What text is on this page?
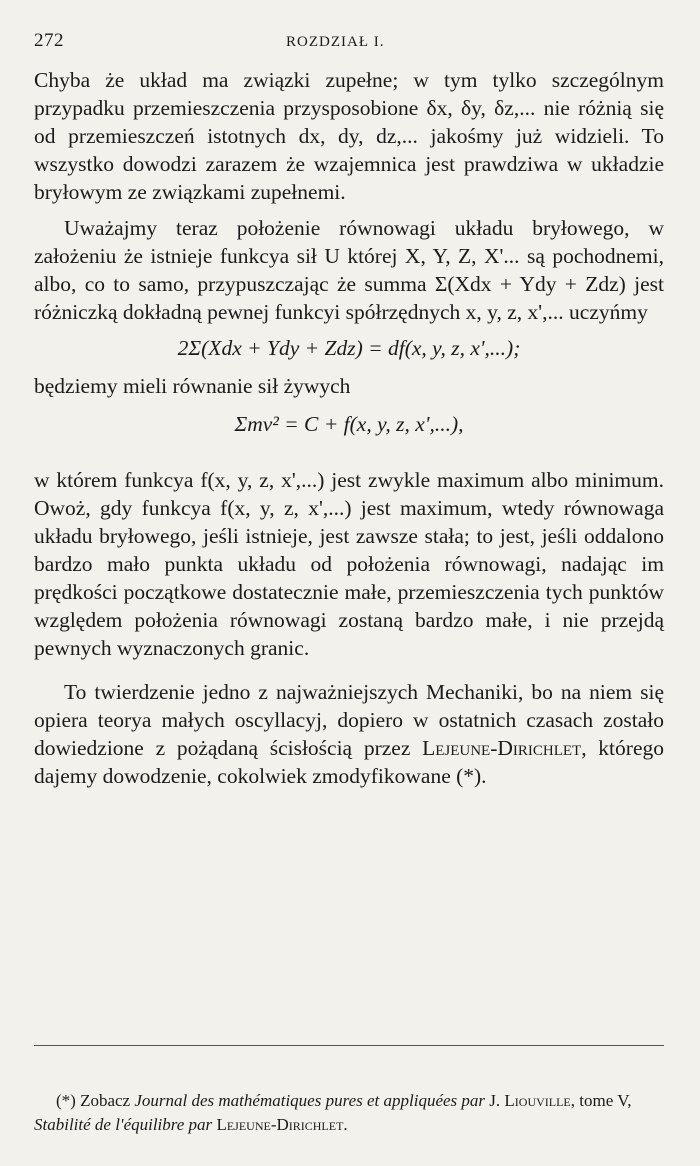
272	ROZDZIAŁ I.

Chyba że układ ma związki zupełne; w tym tylko szczególnym przypadku przemieszczenia przysposobione δx, δy, δz,... nie różnią się od przemieszczeń istotnych dx, dy, dz,... jakośmy już widzieli. To wszystko dowodzi zarazem że wzajemnica jest prawdziwa w układzie bryłowym ze związkami zupełnemi.

Uważajmy teraz położenie równowagi układu bryłowego, w założeniu że istnieje funkcya sił U której X, Y, Z, X'... są pochodnemi, albo, co to samo, przypuszczając że summa Σ(Xdx + Ydy + Zdz) jest różniczką dokładną pewnej funkcyi spółrzędnych x, y, z, x',... uczyńmy

2Σ(Xdx + Ydy + Zdz) = df(x, y, z, x',...);

będziemy mieli równanie sił żywych

Σmv² = C + f(x, y, z, x',...),

w którem funkcya f(x, y, z, x',...) jest zwykle maximum albo minimum. Owoż, gdy funkcya f(x, y, z, x',...) jest maximum, wtedy równowaga układu bryłowego, jeśli istnieje, jest zawsze stała; to jest, jeśli oddalono bardzo mało punkta układu od położenia równowagi, nadając im prędkości początkowe dostatecznie małe, przemieszczenia tych punktów względem położenia równowagi zostaną bardzo małe, i nie przejdą pewnych wyznaczonych granic.

To twierdzenie jedno z najważniejszych Mechaniki, bo na niem się opiera teorya małych oscyllacyj, dopiero w ostatnich czasach zostało dowiedzione z pożądaną ścisłością przez Lejeune-Dirichlet, którego dajemy dowodzenie, cokolwiek zmodyfikowane (*).

(*) Zobacz Journal des mathématiques pures et appliquées par J. Liouville, tome V, Stabilité de l'équilibre par Lejeune-Dirichlet.
